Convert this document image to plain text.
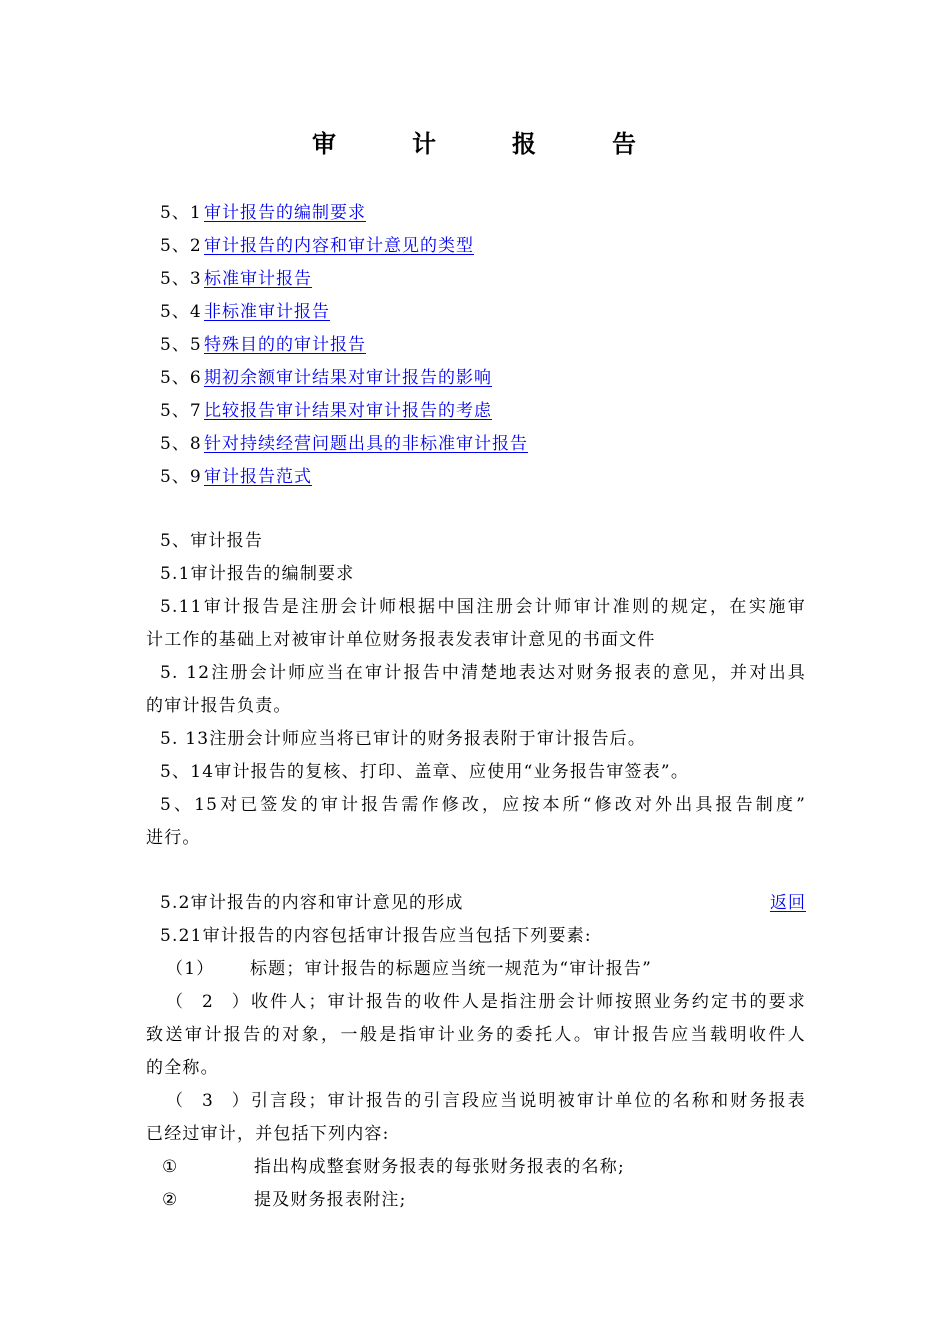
审	计	报	告
5、1 审计报告的编制要求
5、2 审计报告的内容和审计意见的类型
5、3 标准审计报告
5、4 非标准审计报告
5、5 特殊目的的审计报告
5、6 期初余额审计结果对审计报告的影响
5、7 比较报告审计结果对审计报告的考虑
5、8 针对持续经营问题出具的非标准审计报告
5、9 审计报告范式
5、审计报告
5.1审计报告的编制要求
5.11审计报告是注册会计师根据中国注册会计师审计准则的规定，在实施审
计工作的基础上对被审计单位财务报表发表审计意见的书面文件
5. 12注册会计师应当在审计报告中清楚地表达对财务报表的意见，并对出具
的审计报告负责。
5. 13注册会计师应当将已审计的财务报表附于审计报告后。
5、14审计报告的复核、打印、盖章、应使用“业务报告审签表”。
5、15对已签发的审计报告需作修改，应按本所“修改对外出具报告制度”
进行。
5.2审计报告的内容和审计意见的形成	返回
5.21审计报告的内容包括审计报告应当包括下列要素:
（1） 标题；审计报告的标题应当统一规范为“审计报告”
（2）收件人；审计报告的收件人是指注册会计师按照业务约定书的要求
致送审计报告的对象，一般是指审计业务的委托人。审计报告应当载明收件人
的全称。
（3）引言段；审计报告的引言段应当说明被审计单位的名称和财务报表
已经过审计，并包括下列内容:
①	指出构成整套财务报表的每张财务报表的名称;
②	提及财务报表附注;
